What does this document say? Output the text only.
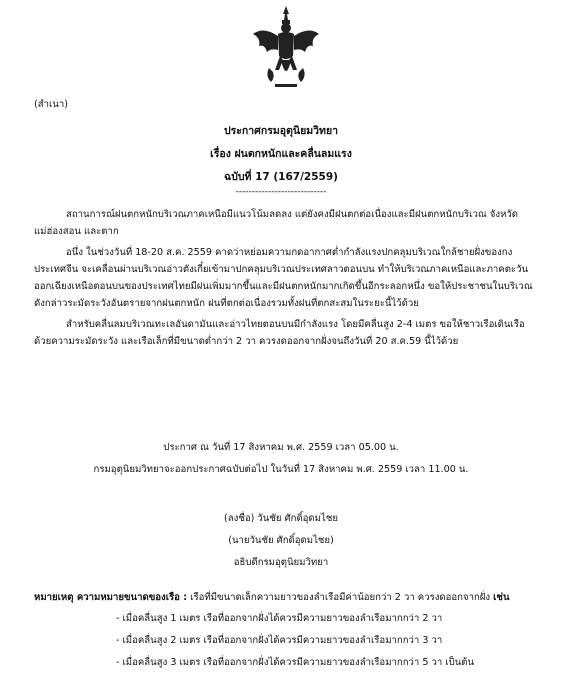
(สำเนา)
ประกาศกรมอุตุนิยมวิทยา
เรื่อง ฝนตกหนักและคลื่นลมแรง
ฉบับที่ 17 (167/2559)
----------------------------

สถานการณ์ฝนตกหนักบริเวณภาคเหนือมีแนวโน้มลดลง แต่ยังคงมีฝนตกต่อเนื่องและมีฝนตกหนักบริเวณ จังหวัดแม่ฮ่องสอน และตาก

อนึ่ง ในช่วงวันที่ 18-20 ส.ค. 2559 คาดว่าหย่อมความกดอากาศต่ำกำลังแรงปกคลุมบริเวณใกล้ชายฝั่งของกงประเทศจีน จะเคลื่อนผ่านบริเวณอ่าวตังเกี๋ยเข้ามาปกคลุมบริเวณประเทศลาวตอนบน ทำให้บริเวณภาคเหนือและภาคตะวันออกเฉียงเหนือตอนบนของประเทศไทยมีฝนเพิ่มมากขึ้นและมีฝนตกหนักมากเกิดขึ้นอีกระลอกหนึ่ง ขอให้ประชาชนในบริเวณดังกล่าวระมัดระวังอันตรายจากฝนตกหนัก ฝนที่ตกต่อเนื่องรวมทั้งฝนที่ตกสะสมในระยะนี้ไว้ด้วย

สำหรับคลื่นลมบริเวณทะเลอันดามันและอ่าวไทยตอนบนมีกำลังแรง โดยมีคลื่นสูง 2-4 เมตร ขอให้ชาวเรือเดินเรือด้วยความระมัดระวัง และเรือเล็กที่มีขนาดต่ำกว่า 2 วา ควรงดออกจากฝั่งจนถึงวันที่ 20 ส.ค.59 นี้ไว้ด้วย

ประกาศ ณ วันที่ 17 สิงหาคม พ.ศ. 2559 เวลา 05.00 น.
กรมอุตุนิยมวิทยาจะออกประกาศฉบับต่อไป ในวันที่ 17 สิงหาคม พ.ศ. 2559 เวลา 11.00 น.
(ลงชื่อ) วันชัย ศักดิ์อุดมไชย
(นายวันชัย ศักดิ์อุดมไชย)
อธิบดีกรมอุตุนิยมวิทยา
หมายเหตุ ความหมายขนาดของเรือ : เรือที่มีขนาดเล็กความยาวของลำเรือมีค่าน้อยกว่า 2 วา ควรงดออกจากฝั่ง เช่น
- เมื่อคลื่นสูง 1 เมตร เรือที่ออกจากฝั่งได้ควรมีความยาวของลำเรือมากกว่า 2 วา
- เมื่อคลื่นสูง 2 เมตร เรือที่ออกจากฝั่งได้ควรมีความยาวของลำเรือมากกว่า 3 วา
- เมื่อคลื่นสูง 3 เมตร เรือที่ออกจากฝั่งได้ควรมีความยาวของลำเรือมากกว่า 5 วา เป็นต้น
